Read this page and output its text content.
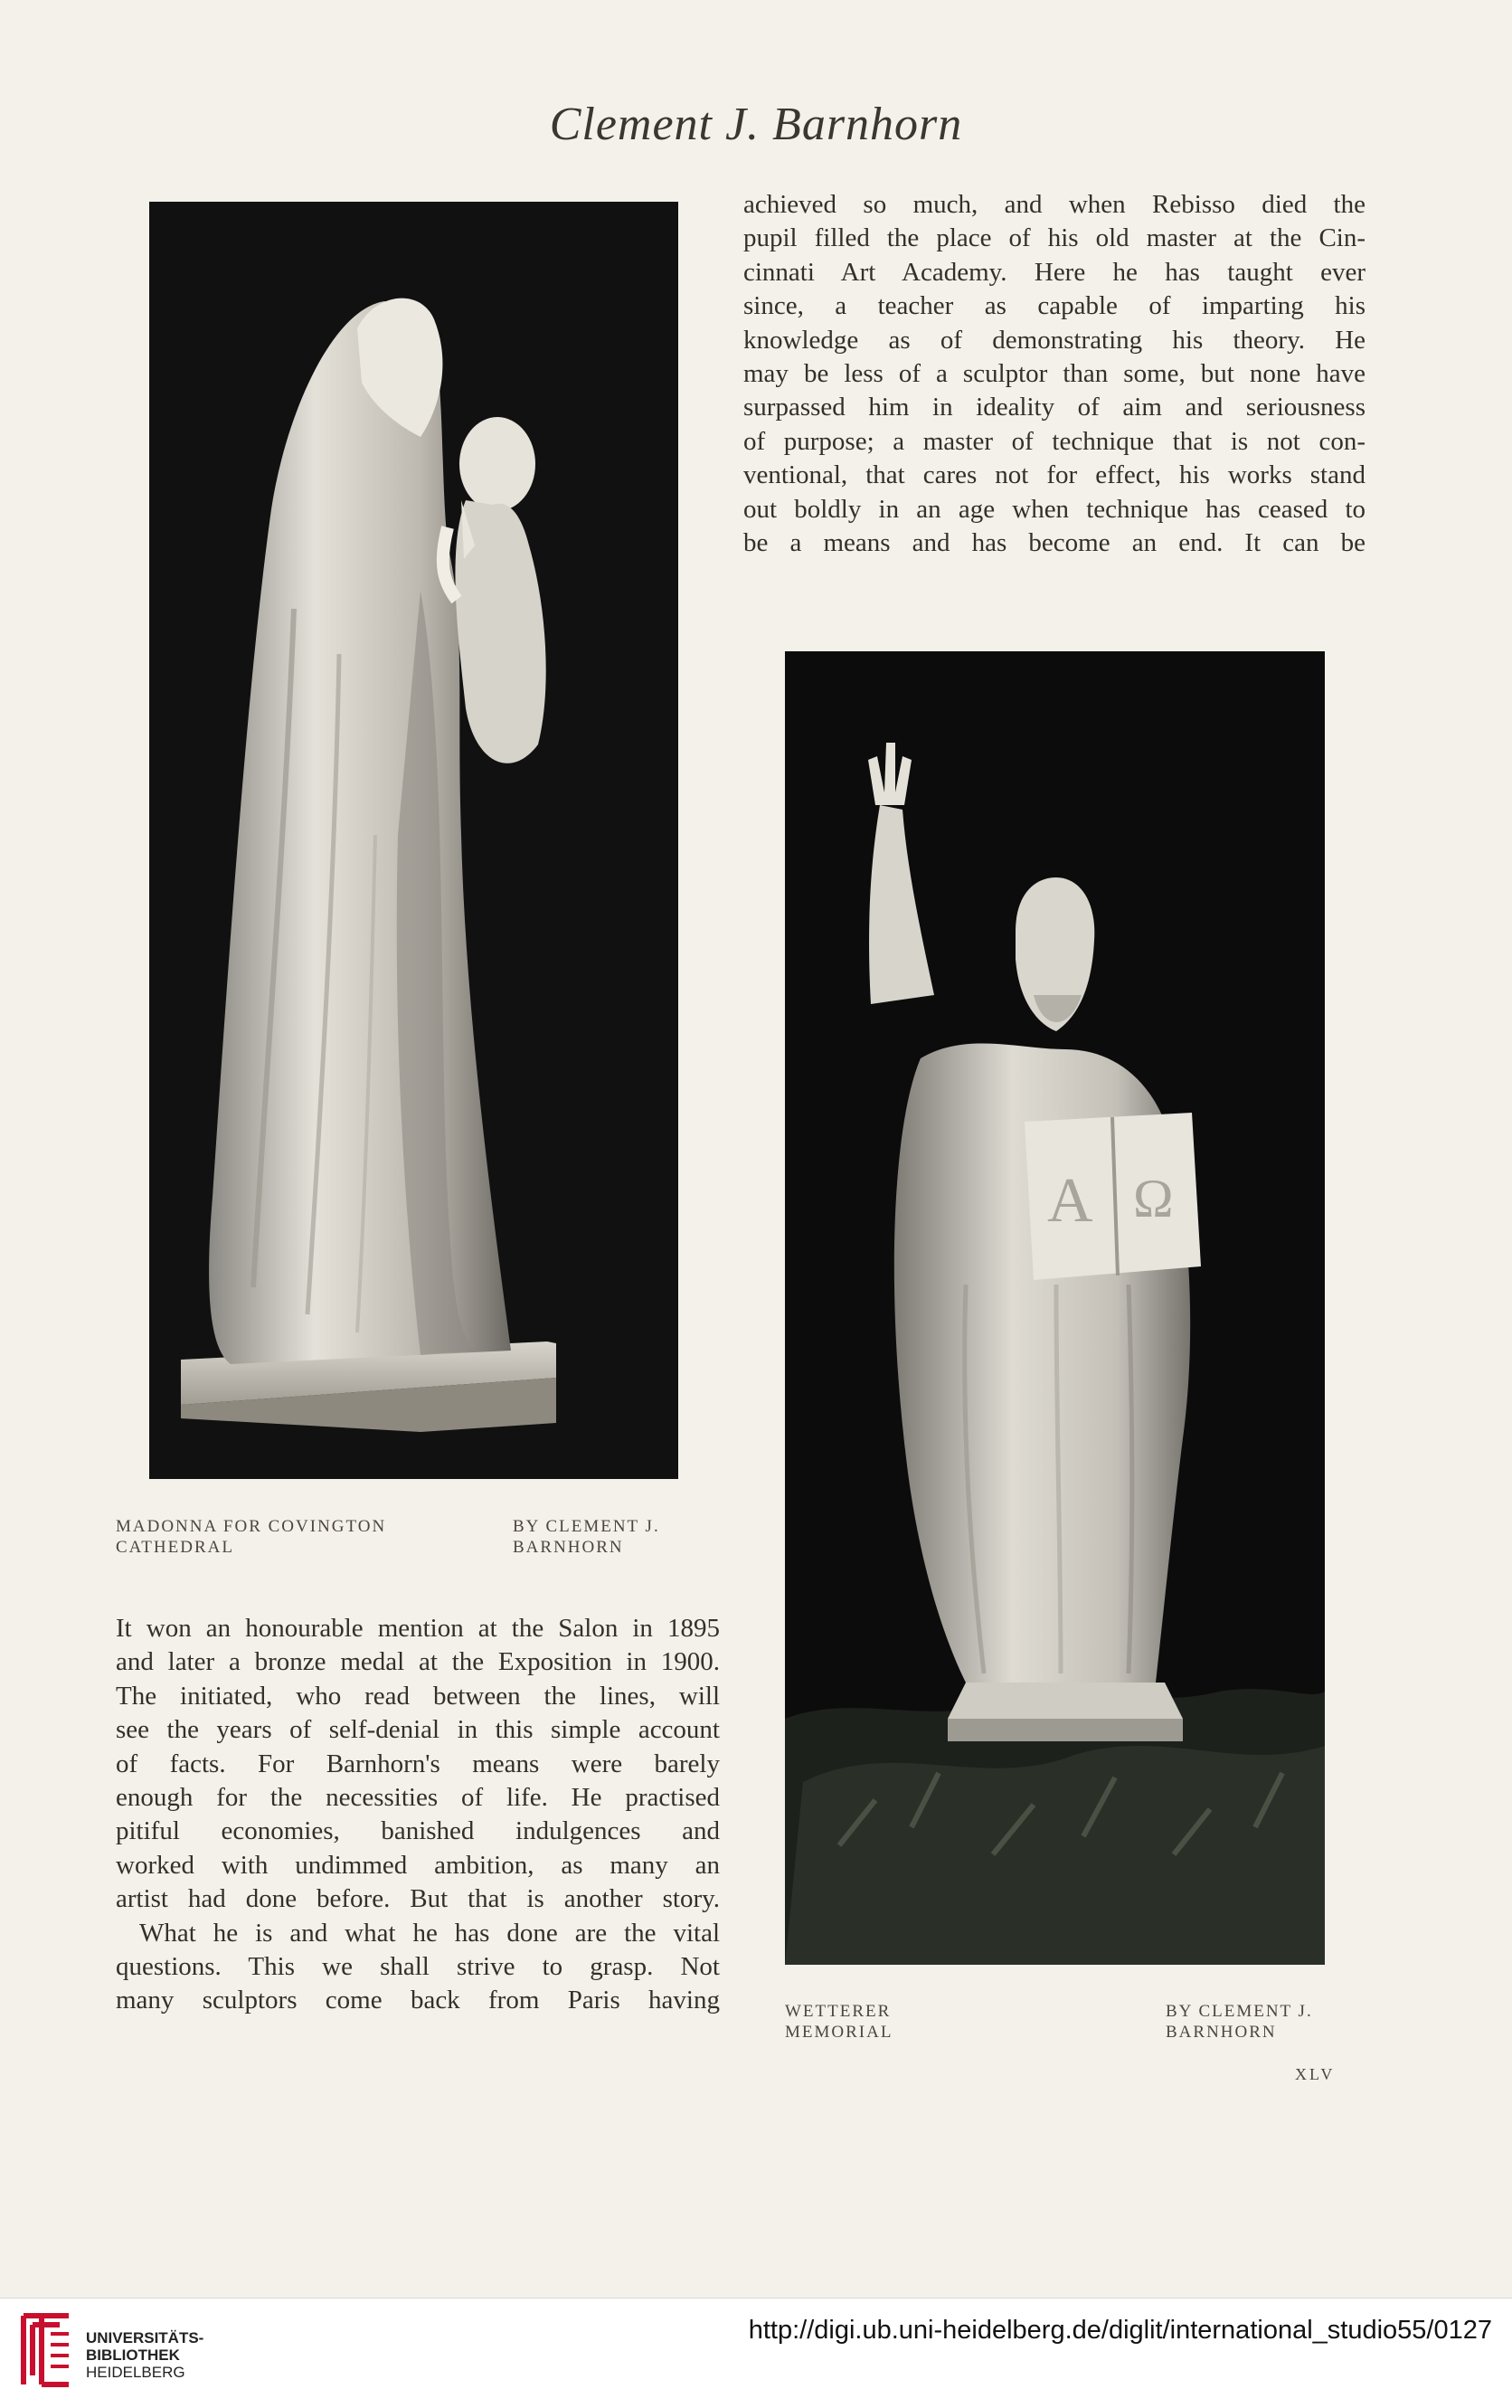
Clement J. Barnhorn
MADONNA FOR COVINGTON
CATHEDRAL
BY CLEMENT J.
BARNHORN

achieved so much, and when Rebisso died the

pupil filled the place of his old master at the Cin-

cinnati Art Academy. Here he has taught ever

since, a teacher as capable of imparting his

knowledge as of demonstrating his theory. He

may be less of a sculptor than some, but none have

surpassed him in ideality of aim and seriousness

of purpose; a master of technique that is not con-

ventional, that cares not for effect, his works stand

out boldly in an age when technique has ceased to

be a means and has become an end. It can be

A Ω

It won an honourable mention at the Salon in 1895

and later a bronze medal at the Exposition in 1900.

The initiated, who read between the lines, will

see the years of self-denial in this simple account

of facts. For Barnhorn's means were barely

enough for the necessities of life. He practised

pitiful economies, banished indulgences and

worked with undimmed ambition, as many an

artist had done before. But that is another story.

What he is and what he has done are the vital

questions. This we shall strive to grasp. Not

many sculptors come back from Paris having	WETTERER
MEMORIAL
BY CLEMENT J.
BARNHORN
XLV
UNIVERSITÄTS-
BIBLIOTHEK
HEIDELBERG
http://digi.ub.uni-heidelberg.de/diglit/international_studio55/0127
